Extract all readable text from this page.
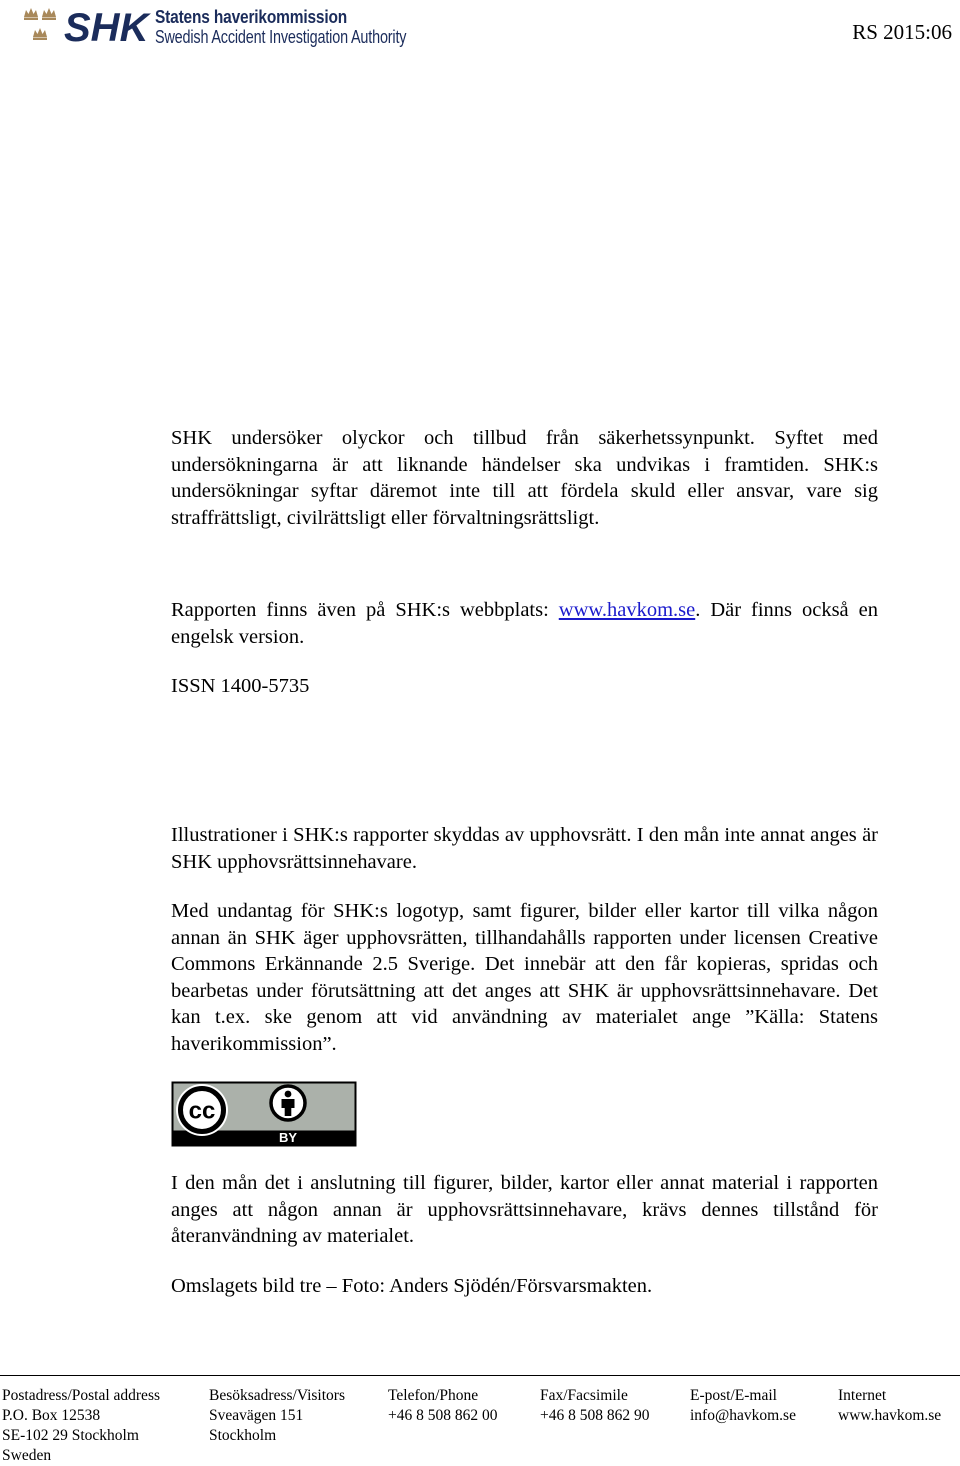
SHK Statens haverikommission
Swedish Accident Investigation Authority	RS 2015:06
SHK undersöker olyckor och tillbud från säkerhetssynpunkt. Syftet med undersökningarna är att liknande händelser ska undvikas i framtiden. SHK:s undersökningar syftar däremot inte till att fördela skuld eller ansvar, vare sig straffrättsligt, civilrättsligt eller förvaltningsrättsligt.
Rapporten finns även på SHK:s webbplats: www.havkom.se. Där finns också en engelsk version.
ISSN 1400-5735
Illustrationer i SHK:s rapporter skyddas av upphovsrätt. I den mån inte annat anges är SHK upphovsrättsinnehavare.
Med undantag för SHK:s logotyp, samt figurer, bilder eller kartor till vilka någon annan än SHK äger upphovsrätten, tillhandahålls rapporten under licensen Creative Commons Erkännande 2.5 Sverige. Det innebär att den får kopieras, spridas och bearbetas under förutsättning att det anges att SHK är upphovsrättsinnehavare. Det kan t.ex. ske genom att vid användning av materialet ange ”Källa: Statens haverikommission”.
cc
BY
I den mån det i anslutning till figurer, bilder, kartor eller annat material i rapporten anges att någon annan är upphovsrättsinnehavare, krävs dennes tillstånd för återanvändning av materialet.
Omslagets bild tre – Foto: Anders Sjödén/Försvarsmakten.
Postadress/Postal address
P.O. Box 12538
SE-102 29 Stockholm
Sweden
Besöksadress/Visitors
Sveavägen 151
Stockholm
Telefon/Phone
+46 8 508 862 00
Fax/Facsimile
+46 8 508 862 90
E-post/E-mail
info@havkom.se
Internet
www.havkom.se
